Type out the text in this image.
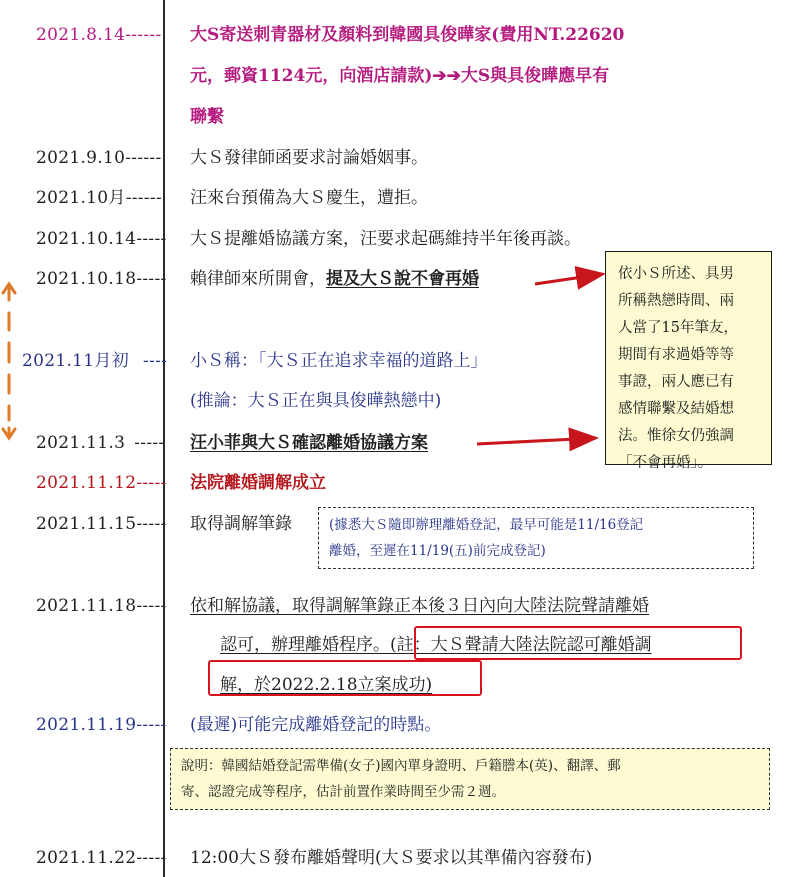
2021.8.14------ 大S寄送刺青器材及顏料到韓國具俊曄家(費用NT.22620
元，郵資1124元，向酒店請款)➔➔大S與具俊曄應早有
聯繫
2021.9.10------ 大Ｓ發律師函要求討論婚姻事。
2021.10月------ 汪來台預備為大Ｓ慶生，遭拒。
2021.10.14----- 大Ｓ提離婚協議方案，汪要求起碼維持半年後再談。
2021.10.18----- 賴律師來所開會，提及大Ｓ說不會再婚
2021.11月初 ---- 小Ｓ稱：「大Ｓ正在追求幸福的道路上」
(推論：大Ｓ正在與具俊曄熱戀中)
2021.11.3 ----- 汪小菲與大Ｓ確認離婚協議方案
2021.11.12----- 法院離婚調解成立
2021.11.15----- 取得調解筆錄	(據悉大Ｓ隨即辦理離婚登記，最早可能是11/16登記
離婚，至遲在11/19(五)前完成登記)
2021.11.18----- 依和解協議，取得調解筆錄正本後３日內向大陸法院聲請離婚
認可，辦理離婚程序。(註：大Ｓ聲請大陸法院認可離婚調
解，於2022.2.18立案成功)
2021.11.19----- (最遲)可能完成離婚登記的時點。
說明：韓國結婚登記需準備(女子)國內單身證明、戶籍謄本(英)、翻譯、郵
寄、認證完成等程序，估計前置作業時間至少需２週。
2021.11.22----- 12:00大Ｓ發布離婚聲明(大Ｓ要求以其準備內容發布)
依小Ｓ所述、具男
所稱熱戀時間、兩
人當了15年筆友，
期間有求過婚等等
事證，兩人應已有
感情聯繫及結婚想
法。惟徐女仍強調
「不會再婚」。
